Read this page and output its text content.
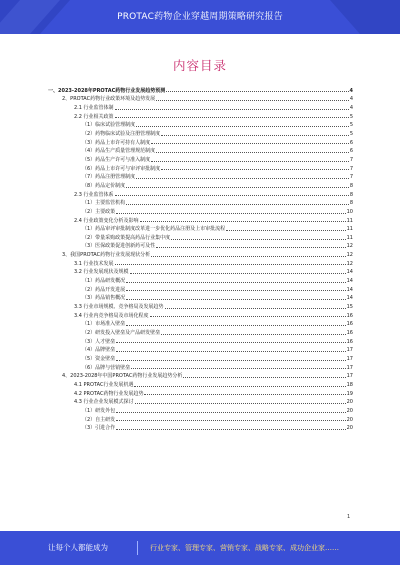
PROTAC药物企业穿越周期策略研究报告
内容目录
一、2023-2028年PROTAC药物行业发展趋势预测	4
2、PROTAC药物行业政策环境及趋势发展	4
2.1 行业监管体制	4
2.2 行业相关政策	5
（1）临床试验管理制度	5
（2）药物临床试验及注册管理制度	5
（3）药品上市许可持有人制度	6
（4）药品生产质量管理规范制度	6
（5）药品生产许可与准入制度	7
（6）药品上市许可与审评审批制度	7
（7）药品注册管理制度	7
（8）药品定价制度	8
2.3 行业监管体系	8
（1）主要监管机构	8
（2）主要政策	10
2.4 行业政策变化分析及影响	11
（1）药品审评审批制度改革进一步优化药品注册及上市审批流程	11
（2）带量采购政策提高药品行业集中度	11
（3）医保政策促进创新药可及性	12
3、我国PROTAC药物行业发展现状分析	12
3.1 行业技术发展	12
3.2 行业发展现状及规模	14
（1）药品研发概况	14
（2）药品开发进展	14
（3）药品销售概况	14
3.3 行业市场规模、竞争格局及发展趋势	15
3.4 行业内竞争格局及市场化程度	16
（1）市场准入壁垒	16
（2）研发投入壁垒及产品研发壁垒	16
（3）人才壁垒	16
（4）品牌壁垒	17
（5）资金壁垒	17
（6）品牌与营销壁垒	17
4、2023-2028年中国PROTAC药物行业发展趋势分析	17
4.1 PROTAC行业发展机遇	18
4.2 PROTAC药物行业发展趋势	19
4.3 行业企业发展模式探讨	20
（1）研发外包	20
（2）自主研发	20
（3）引进合作	20
1
让每个人都能成为	行业专家、管理专家、营销专家、战略专家、成功企业家……
